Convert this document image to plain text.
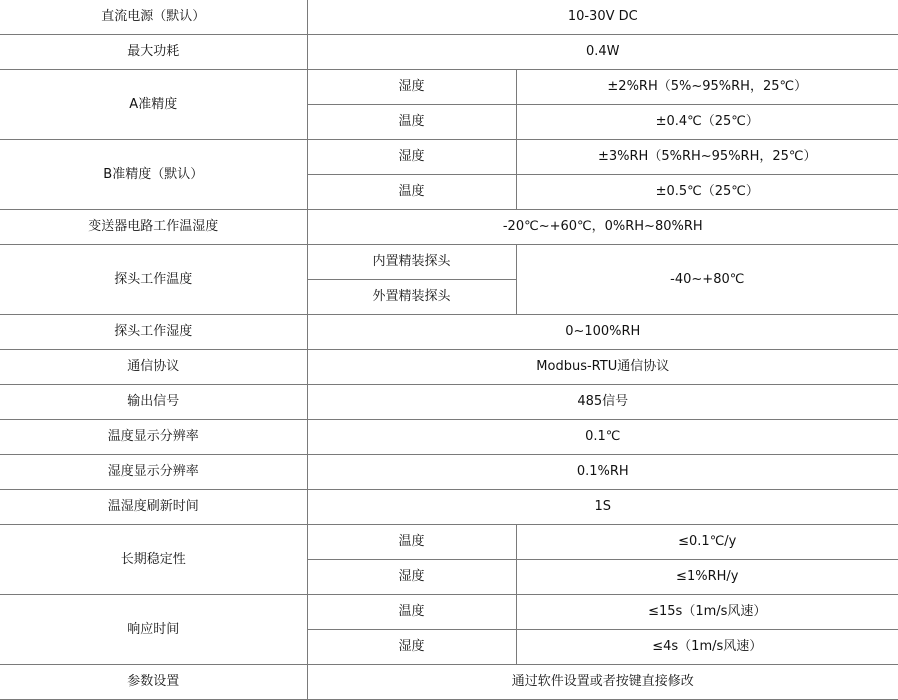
直流电源（默认）	10-30V DC	
最大功耗	0.4W	
A准精度	湿度	±2%RH（5%~95%RH，25℃）
	温度	±0.4℃（25℃）
B准精度（默认）	湿度	±3%RH（5%RH~95%RH，25℃）
	温度	±0.5℃（25℃）
变送器电路工作温湿度	-20℃~+60℃，0%RH~80%RH	
探头工作温度	内置精装探头	-40~+80℃
	外置精装探头	
探头工作湿度	0~100%RH	
通信协议	Modbus-RTU通信协议	
输出信号	485信号	
温度显示分辨率	0.1℃	
湿度显示分辨率	0.1%RH	
温湿度刷新时间	1S	
长期稳定性	温度	≤0.1℃/y
	湿度	≤1%RH/y
响应时间	温度	≤15s（1m/s风速）
	湿度	≤4s（1m/s风速）
参数设置	通过软件设置或者按键直接修改	
